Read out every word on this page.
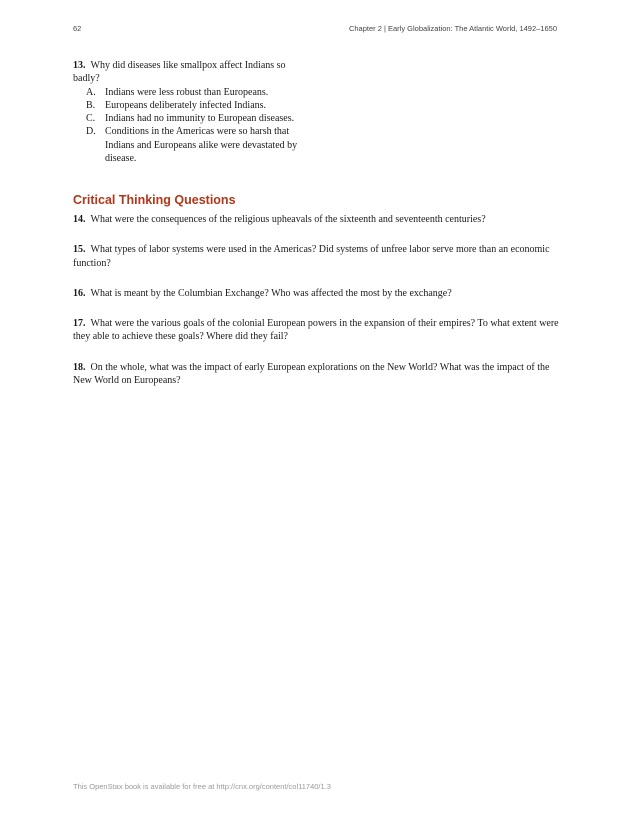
62	Chapter 2 | Early Globalization: The Atlantic World, 1492–1650

13. Why did diseases like smallpox affect Indians so badly?

A. Indians were less robust than Europeans.
B. Europeans deliberately infected Indians.
C. Indians had no immunity to European diseases.
D. Conditions in the Americas were so harsh that Indians and Europeans alike were devastated by disease.
Critical Thinking Questions

14. What were the consequences of the religious upheavals of the sixteenth and seventeenth centuries?

15. What types of labor systems were used in the Americas? Did systems of unfree labor serve more than an economic function?

16. What is meant by the Columbian Exchange? Who was affected the most by the exchange?

17. What were the various goals of the colonial European powers in the expansion of their empires? To what extent were they able to achieve these goals? Where did they fail?

18. On the whole, what was the impact of early European explorations on the New World? What was the impact of the New World on Europeans?

This OpenStax book is available for free at http://cnx.org/content/col11740/1.3
